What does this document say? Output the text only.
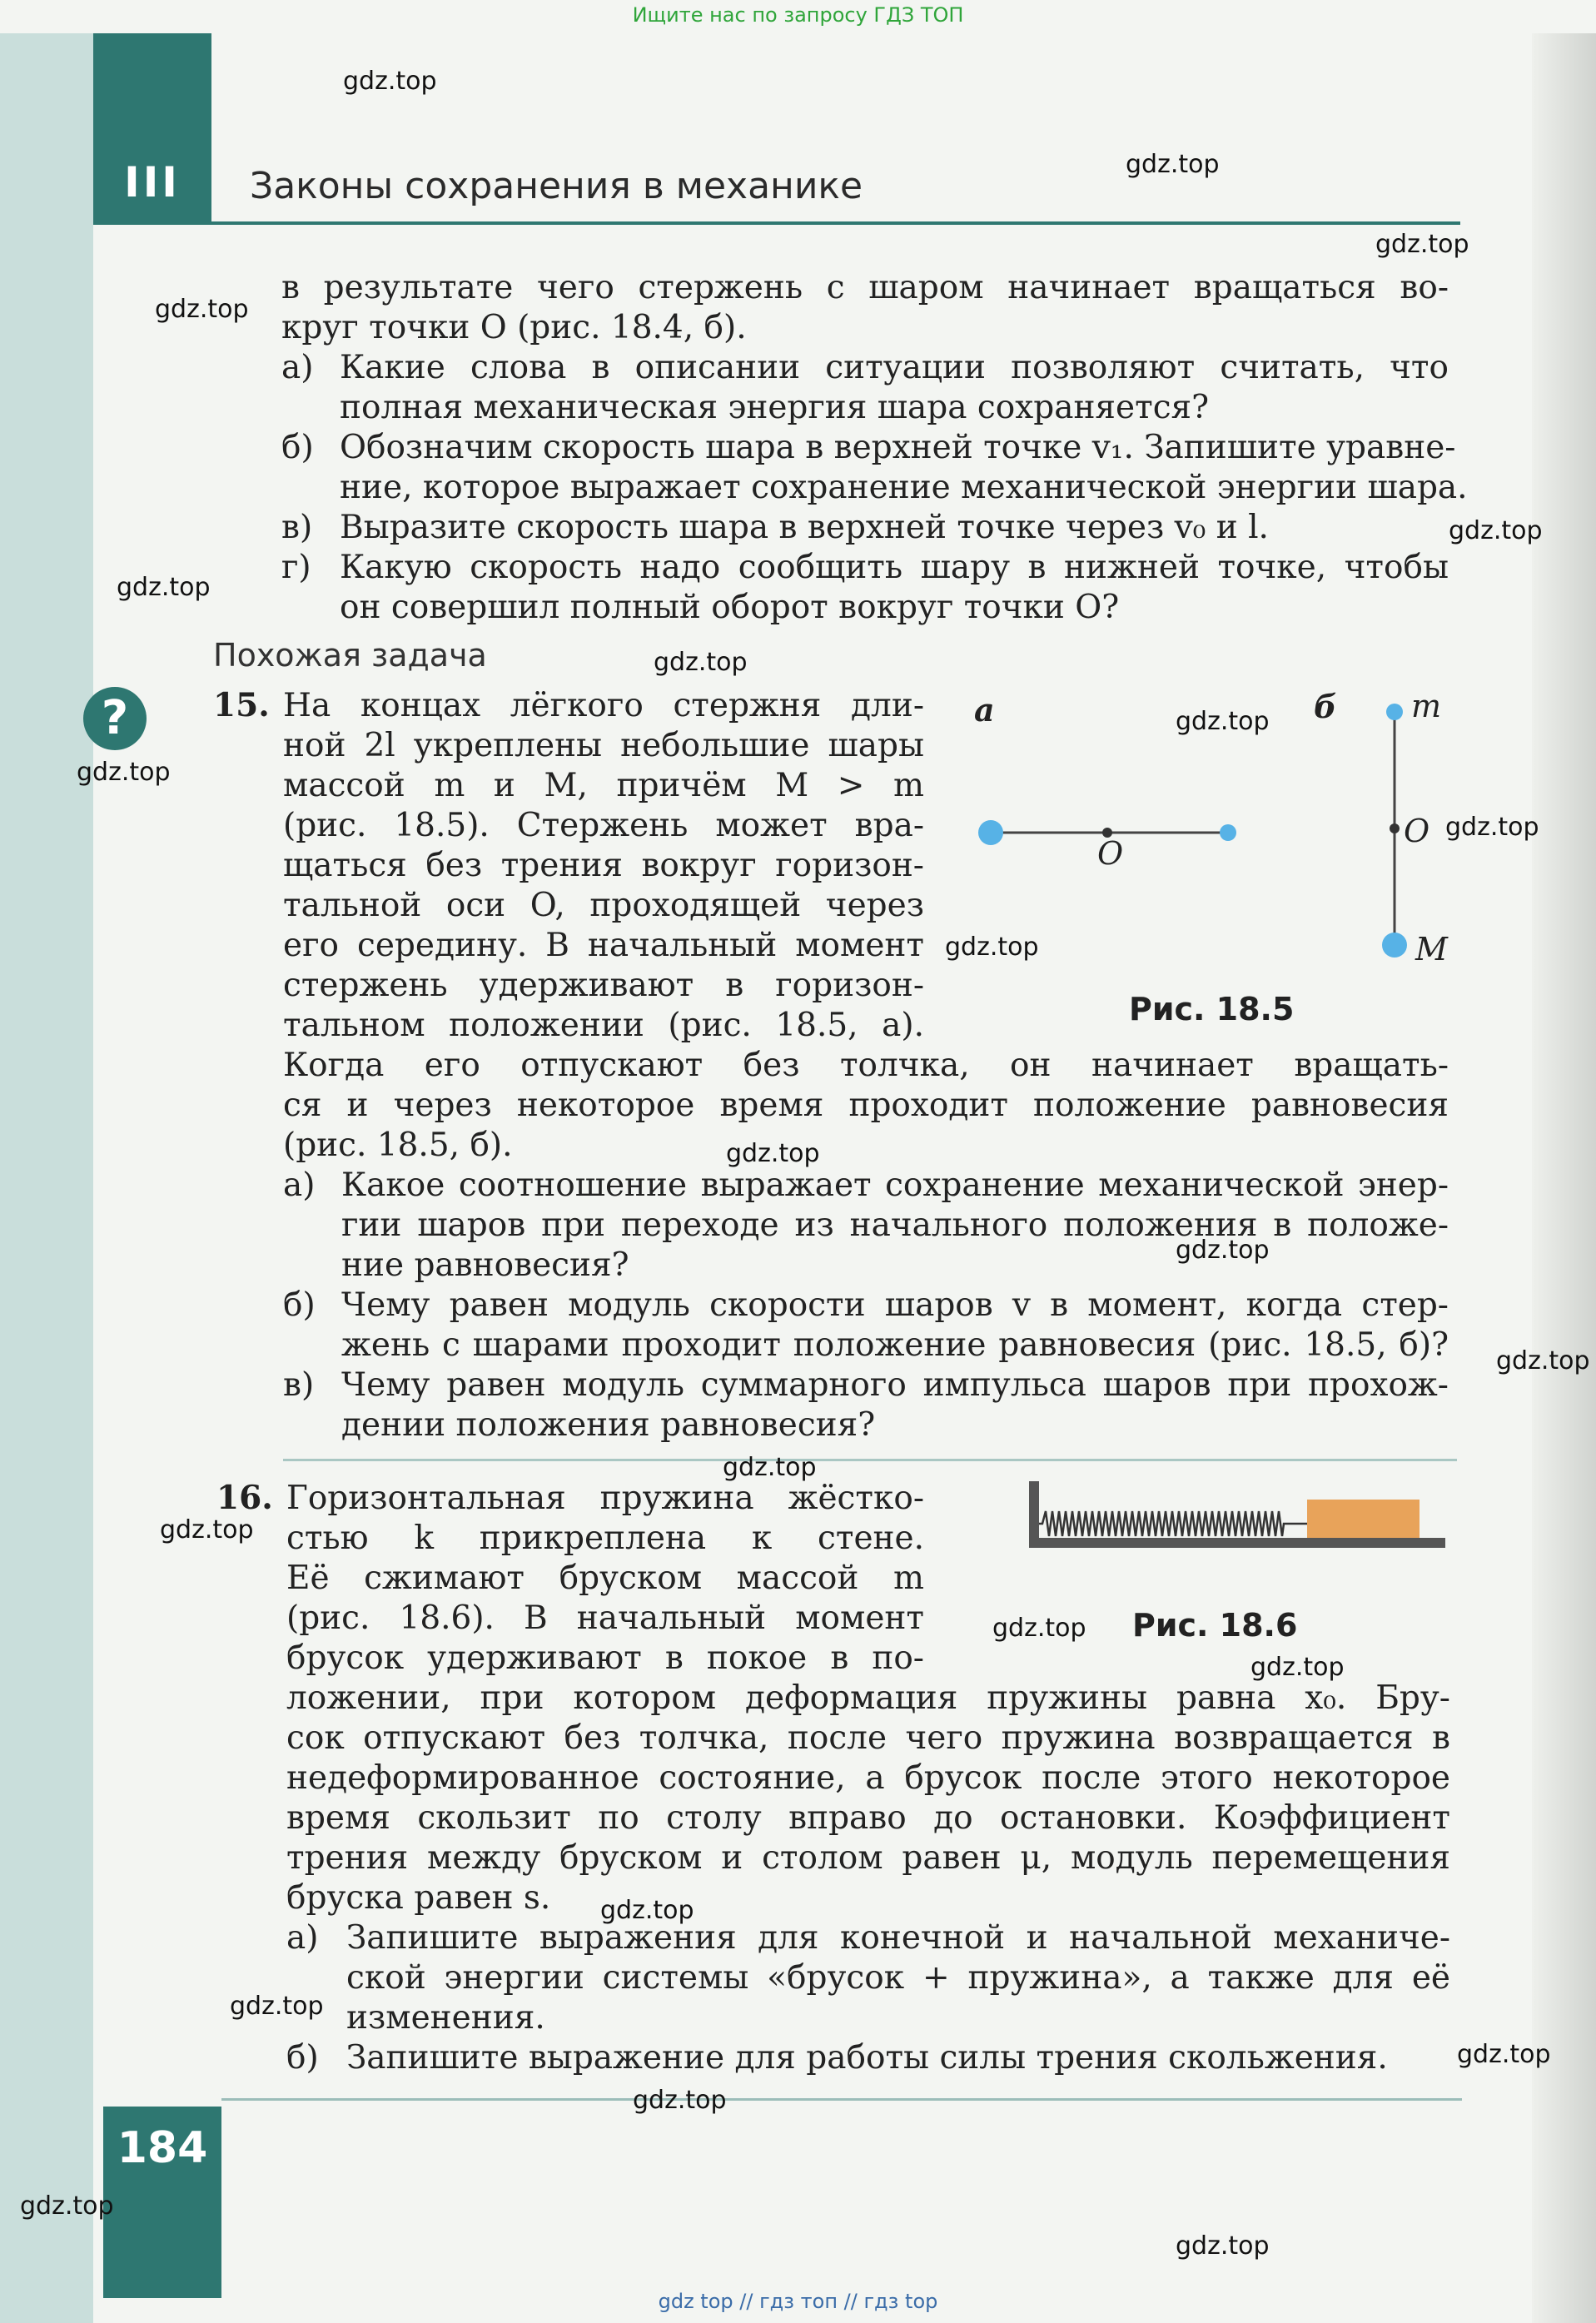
III	Законы сохранения в механике
Ищите нас по запросу ГДЗ ТОП
в результате чего стержень с шаром начинает вращаться во-
круг точки O (рис. 18.4, б).
а) Какие слова в описании ситуации позволяют считать, что
полная механическая энергия шара сохраняется?
б) Обозначим скорость шара в верхней точке v₁. Запишите уравне-
ние, которое выражает сохранение механической энергии шара.
в) Выразите скорость шара в верхней точке через v₀ и l.
г) Какую скорость надо сообщить шару в нижней точке, чтобы
он совершил полный оборот вокруг точки O?
Похожая задача
?	15. На концах лёгкого стержня дли-
ной 2l укреплены небольшие шары
массой m и M, причём M > m
(рис. 18.5). Стержень может вра-
щаться без трения вокруг горизон-
тальной оси O, проходящей через
его середину. В начальный момент
стержень удерживают в горизон-
тальном положении (рис. 18.5, а).
Когда его отпускают без толчка, он начинает вращать-
ся и через некоторое время проходит положение равновесия
(рис. 18.5, б).
а) Какое соотношение выражает сохранение механической энер-
гии шаров при переходе из начального положения в положе-
ние равновесия?
б) Чему равен модуль скорости шаров v в момент, когда стер-
жень с шарами проходит положение равновесия (рис. 18.5, б)?
в) Чему равен модуль суммарного импульса шаров при прохож-
дении положения равновесия?
а	б
O
O
m
M
Рис. 18.5
16. Горизонтальная пружина жёстко-
стью k прикреплена к стене.
Её сжимают бруском массой m
(рис. 18.6). В начальный момент
брусок удерживают в покое в по-
ложении, при котором деформация пружины равна x₀. Бру-
сок отпускают без толчка, после чего пружина возвращается в
недеформированное состояние, а брусок после этого некоторое
время скользит по столу вправо до остановки. Коэффициент
трения между бруском и столом равен μ, модуль перемещения
бруска равен s.
а) Запишите выражения для конечной и начальной механиче-
ской энергии системы «брусок + пружина», а также для её
изменения.
б) Запишите выражение для работы силы трения скольжения.
Рис. 18.6
184
gdz top // гдз топ // гдз top
gdz.top
gdz.top
gdz.top
gdz.top
gdz.top
gdz.top
gdz.top
gdz.top
gdz.top
gdz.top
gdz.top
gdz.top
gdz.top
gdz.top
gdz.top
gdz.top
gdz.top
gdz.top
gdz.top
gdz.top
gdz.top
gdz.top
gdz.top
gdz.top
